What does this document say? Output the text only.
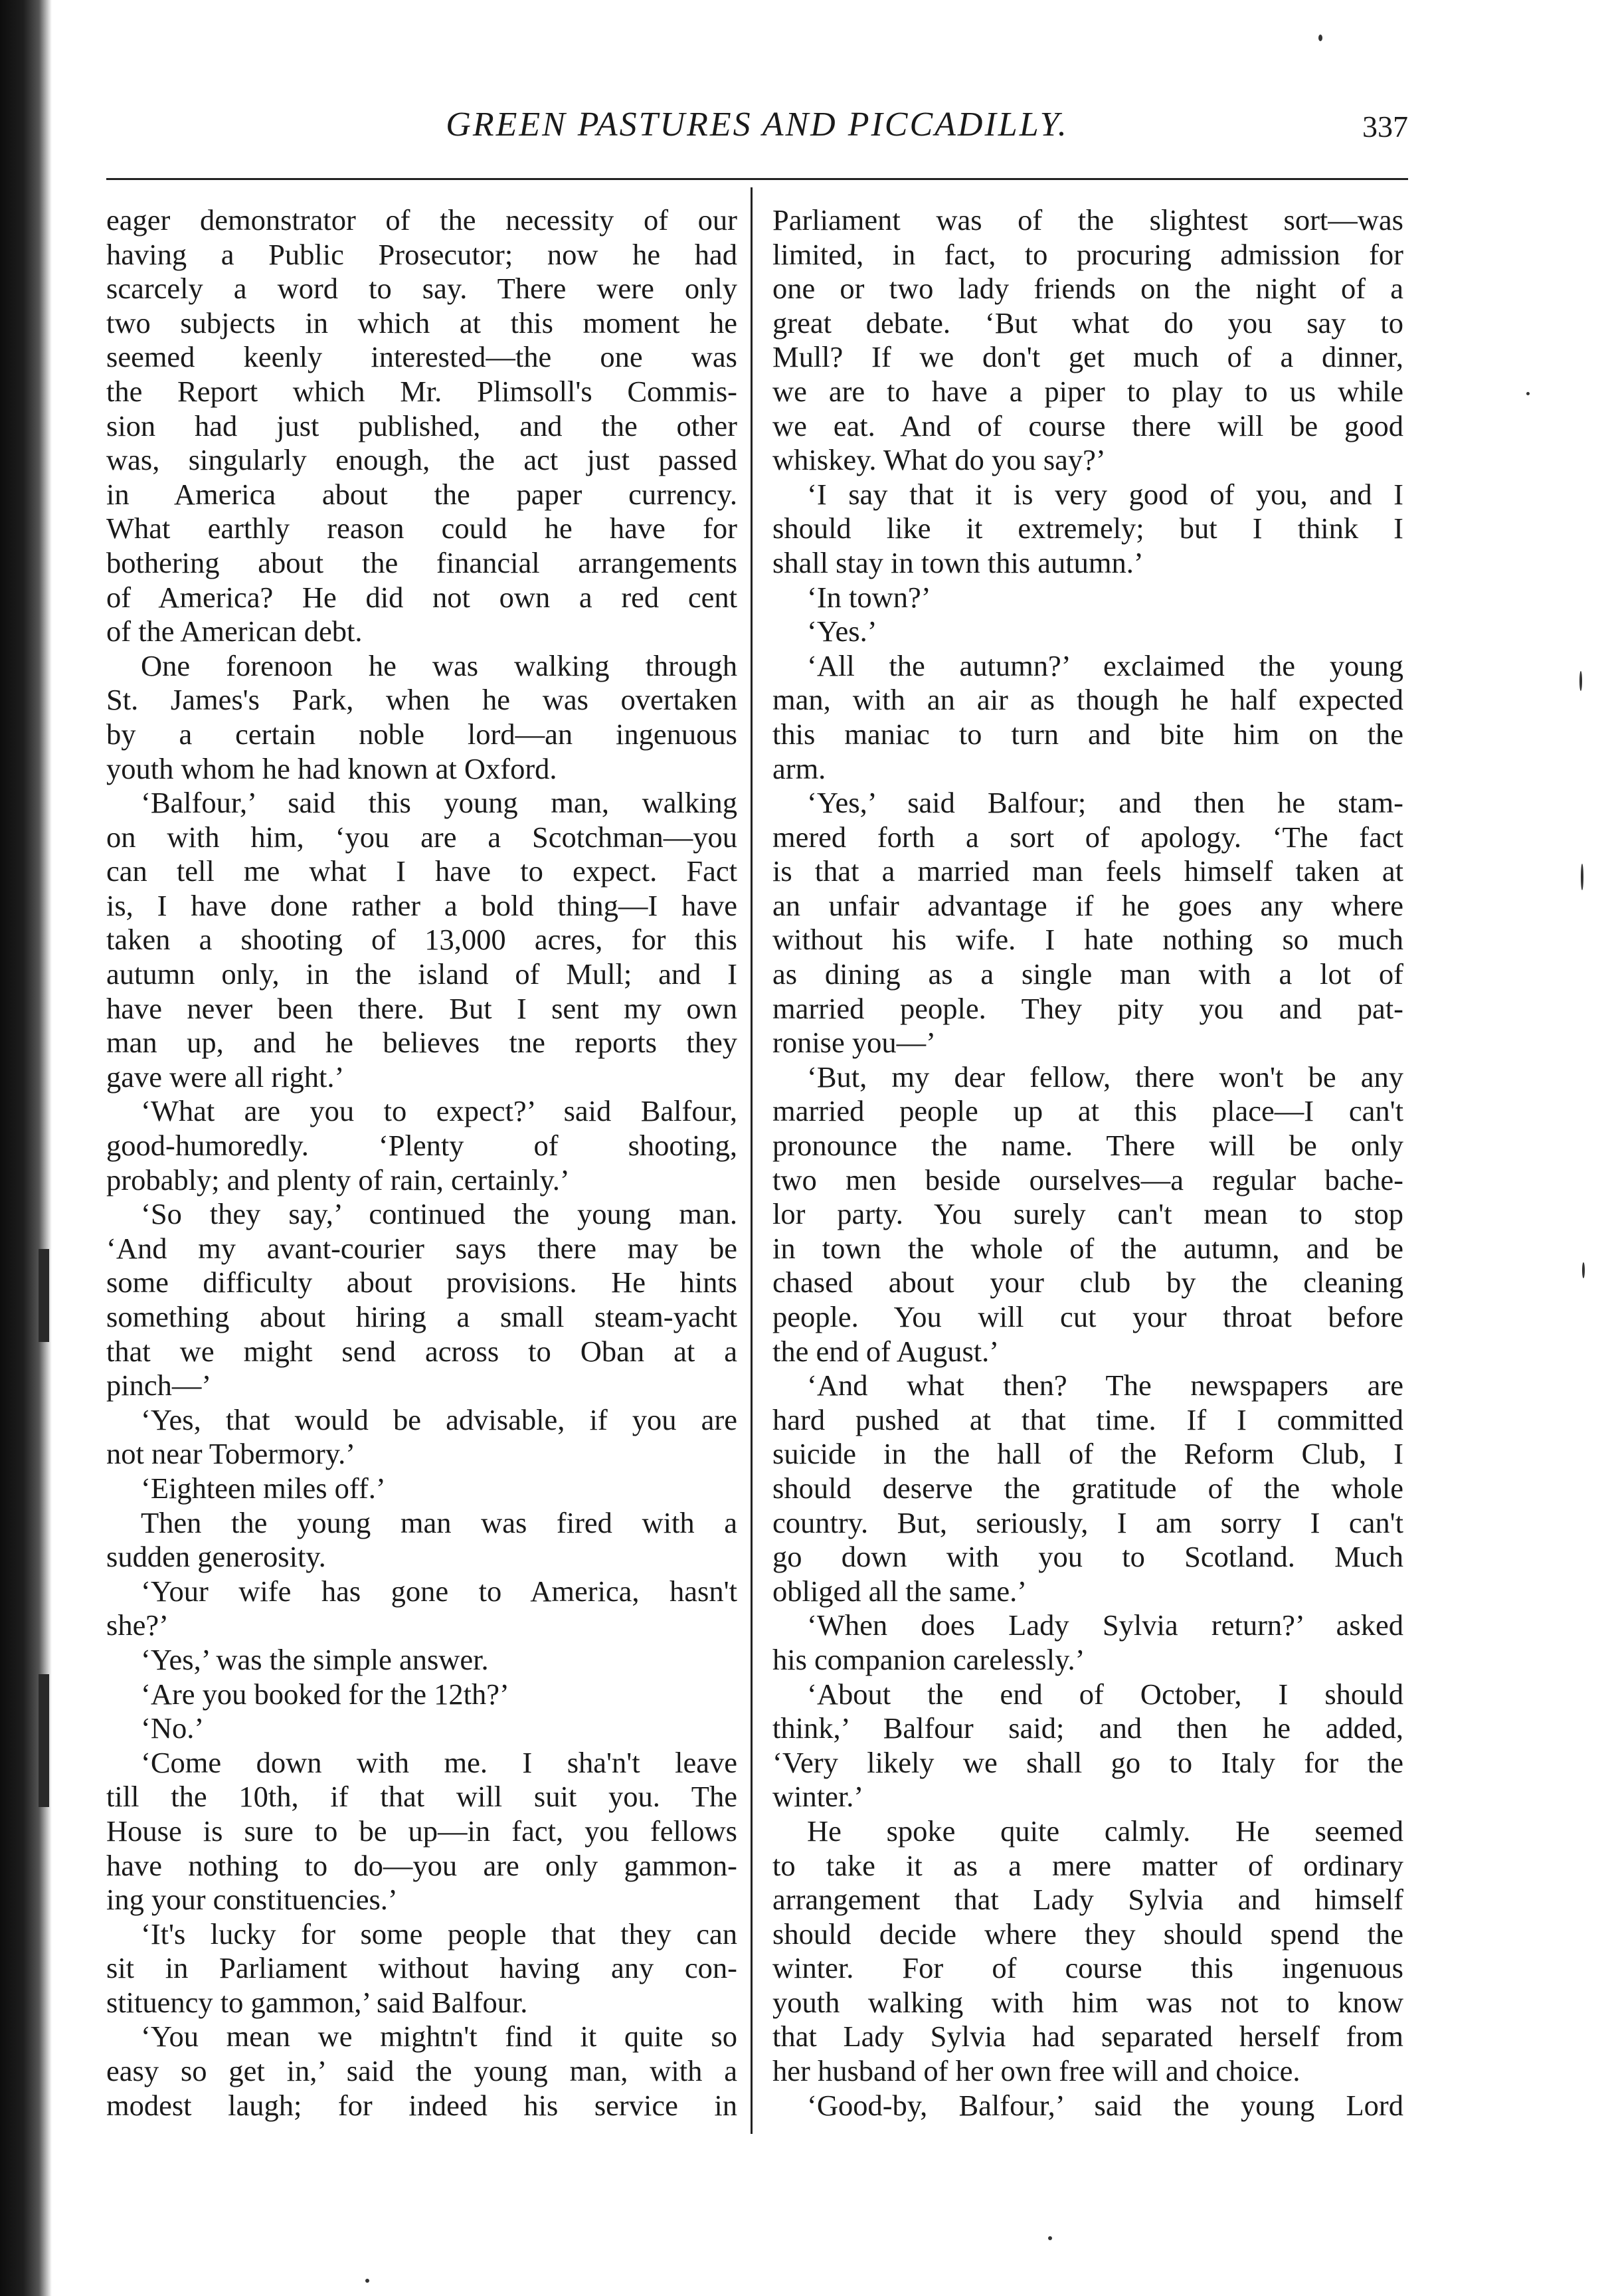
GREEN PASTURES AND PICCADILLY.	337
eager demonstrator of the necessity of our
having a Public Prosecutor; now he had
scarcely a word to say. There were only
two subjects in which at this moment he
seemed keenly interested—the one was
the Report which Mr. Plimsoll's Commis-
sion had just published, and the other
was, singularly enough, the act just passed
in America about the paper currency.
What earthly reason could he have for
bothering about the financial arrangements
of America? He did not own a red cent
of the American debt.
One forenoon he was walking through
St. James's Park, when he was overtaken
by a certain noble lord—an ingenuous
youth whom he had known at Oxford.
‘Balfour,’ said this young man, walking
on with him, ‘you are a Scotchman—you
can tell me what I have to expect. Fact
is, I have done rather a bold thing—I have
taken a shooting of 13,000 acres, for this
autumn only, in the island of Mull; and I
have never been there. But I sent my own
man up, and he believes tne reports they
gave were all right.’
‘What are you to expect?’ said Balfour,
good-humoredly. ‘Plenty of shooting,
probably; and plenty of rain, certainly.’
‘So they say,’ continued the young man.
‘And my avant-courier says there may be
some difficulty about provisions. He hints
something about hiring a small steam-yacht
that we might send across to Oban at a
pinch—’
‘Yes, that would be advisable, if you are
not near Tobermory.’
‘Eighteen miles off.’
Then the young man was fired with a
sudden generosity.
‘Your wife has gone to America, hasn't
she?’
‘Yes,’ was the simple answer.
‘Are you booked for the 12th?’
‘No.’
‘Come down with me. I sha'n't leave
till the 10th, if that will suit you. The
House is sure to be up—in fact, you fellows
have nothing to do—you are only gammon-
ing your constituencies.’
‘It's lucky for some people that they can
sit in Parliament without having any con-
stituency to gammon,’ said Balfour.
‘You mean we mightn't find it quite so
easy so get in,’ said the young man, with a
modest laugh; for indeed his service in
Parliament was of the slightest sort—was
limited, in fact, to procuring admission for
one or two lady friends on the night of a
great debate. ‘But what do you say to
Mull? If we don't get much of a dinner,
we are to have a piper to play to us while
we eat. And of course there will be good
whiskey. What do you say?’
‘I say that it is very good of you, and I
should like it extremely; but I think I
shall stay in town this autumn.’
‘In town?’
‘Yes.’
‘All the autumn?’ exclaimed the young
man, with an air as though he half expected
this maniac to turn and bite him on the
arm.
‘Yes,’ said Balfour; and then he stam-
mered forth a sort of apology. ‘The fact
is that a married man feels himself taken at
an unfair advantage if he goes any where
without his wife. I hate nothing so much
as dining as a single man with a lot of
married people. They pity you and pat-
ronise you—’
‘But, my dear fellow, there won't be any
married people up at this place—I can't
pronounce the name. There will be only
two men beside ourselves—a regular bache-
lor party. You surely can't mean to stop
in town the whole of the autumn, and be
chased about your club by the cleaning
people. You will cut your throat before
the end of August.’
‘And what then? The newspapers are
hard pushed at that time. If I committed
suicide in the hall of the Reform Club, I
should deserve the gratitude of the whole
country. But, seriously, I am sorry I can't
go down with you to Scotland. Much
obliged all the same.’
‘When does Lady Sylvia return?’ asked
his companion carelessly.’
‘About the end of October, I should
think,’ Balfour said; and then he added,
‘Very likely we shall go to Italy for the
winter.’
He spoke quite calmly. He seemed
to take it as a mere matter of ordinary
arrangement that Lady Sylvia and himself
should decide where they should spend the
winter. For of course this ingenuous
youth walking with him was not to know
that Lady Sylvia had separated herself from
her husband of her own free will and choice.
‘Good-by, Balfour,’ said the young Lord
